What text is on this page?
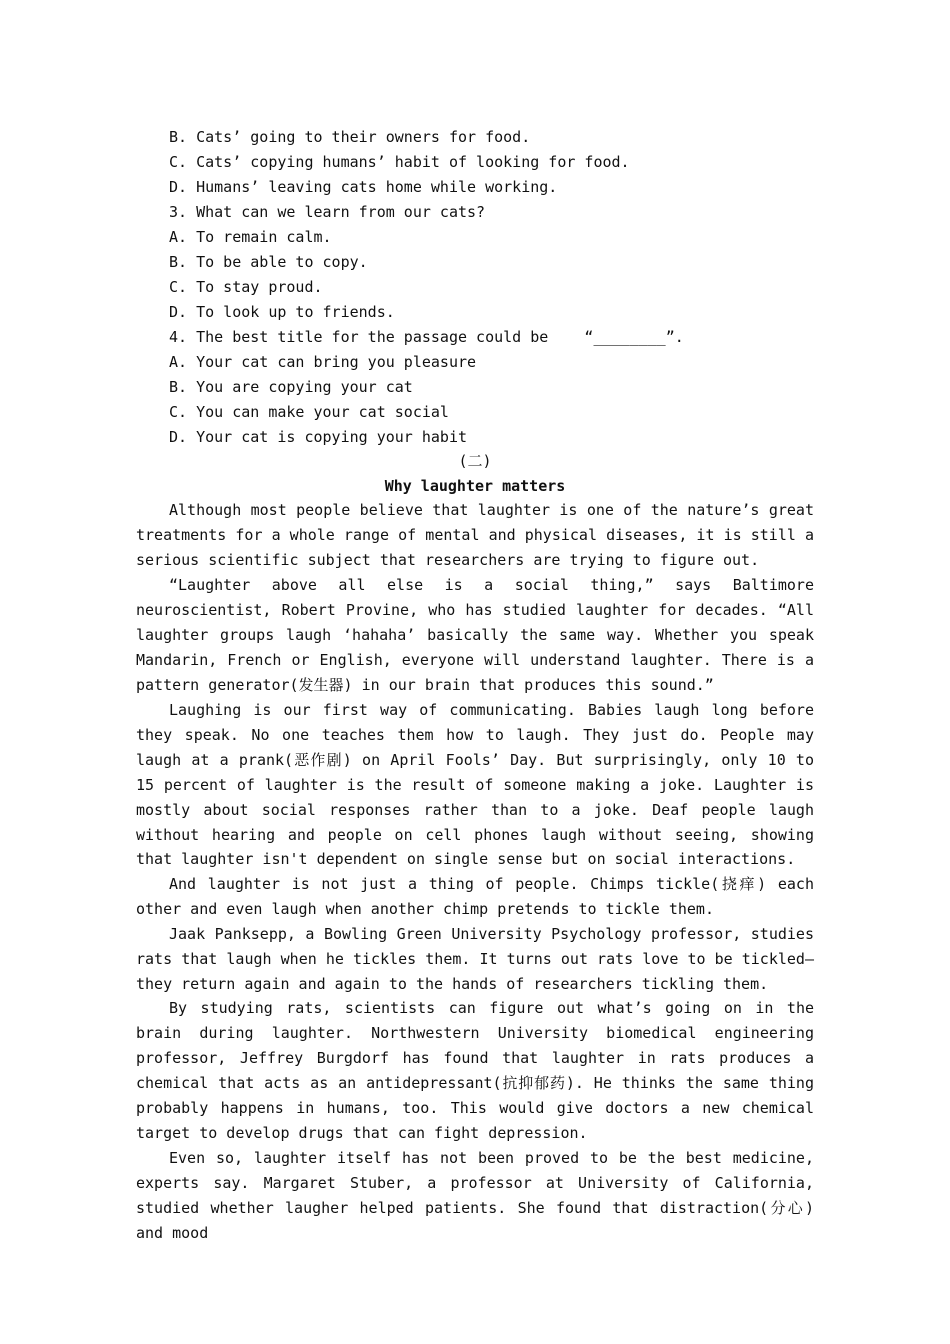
B. Cats’ going to their owners for food.
C. Cats’ copying humans’ habit of looking for food.
D. Humans’ leaving cats home while working.
3. What can we learn from our cats?
A. To remain calm.
B. To be able to copy.
C. To stay proud.
D. To look up to friends.
4. The best title for the passage could be    “________”.
A. Your cat can bring you pleasure
B. You are copying your cat
C. You can make your cat social
D. Your cat is copying your habit
(二)
Why laughter matters
Although most people believe that laughter is one of the nature’s great treatments for a whole range of mental and physical diseases, it is still a serious scientific subject that researchers are trying to figure out.
“Laughter above all else is a social thing,” says Baltimore neuroscientist, Robert Provine, who has studied laughter for decades. “All laughter groups laugh ‘hahaha’ basically the same way. Whether you speak Mandarin, French or English, everyone will understand laughter. There is a pattern generator(发生器) in our brain that produces this sound.”
Laughing is our first way of communicating. Babies laugh long before they speak. No one teaches them how to laugh. They just do. People may laugh at a prank(恶作剧) on April Fools’ Day. But surprisingly, only 10 to 15 percent of laughter is the result of someone making a joke. Laughter is mostly about social responses rather than to a joke. Deaf people laugh without hearing and people on cell phones laugh without seeing, showing that laughter isn't dependent on single sense but on social interactions.
And laughter is not just a thing of people. Chimps tickle(挠痒) each other and even laugh when another chimp pretends to tickle them.
Jaak Panksepp, a Bowling Green University Psychology professor, studies rats that laugh when he tickles them. It turns out rats love to be tickled—they return again and again to the hands of researchers tickling them.
By studying rats, scientists can figure out what’s going on in the brain during laughter. Northwestern University biomedical engineering professor, Jeffrey Burgdorf has found that laughter in rats produces a chemical that acts as an antidepressant(抗抑郁药). He thinks the same thing probably happens in humans, too. This would give doctors a new chemical target to develop drugs that can fight depression.
Even so, laughter itself has not been proved to be the best medicine, experts say. Margaret Stuber, a professor at University of California, studied whether laugher helped patients. She found that distraction(分心) and mood
